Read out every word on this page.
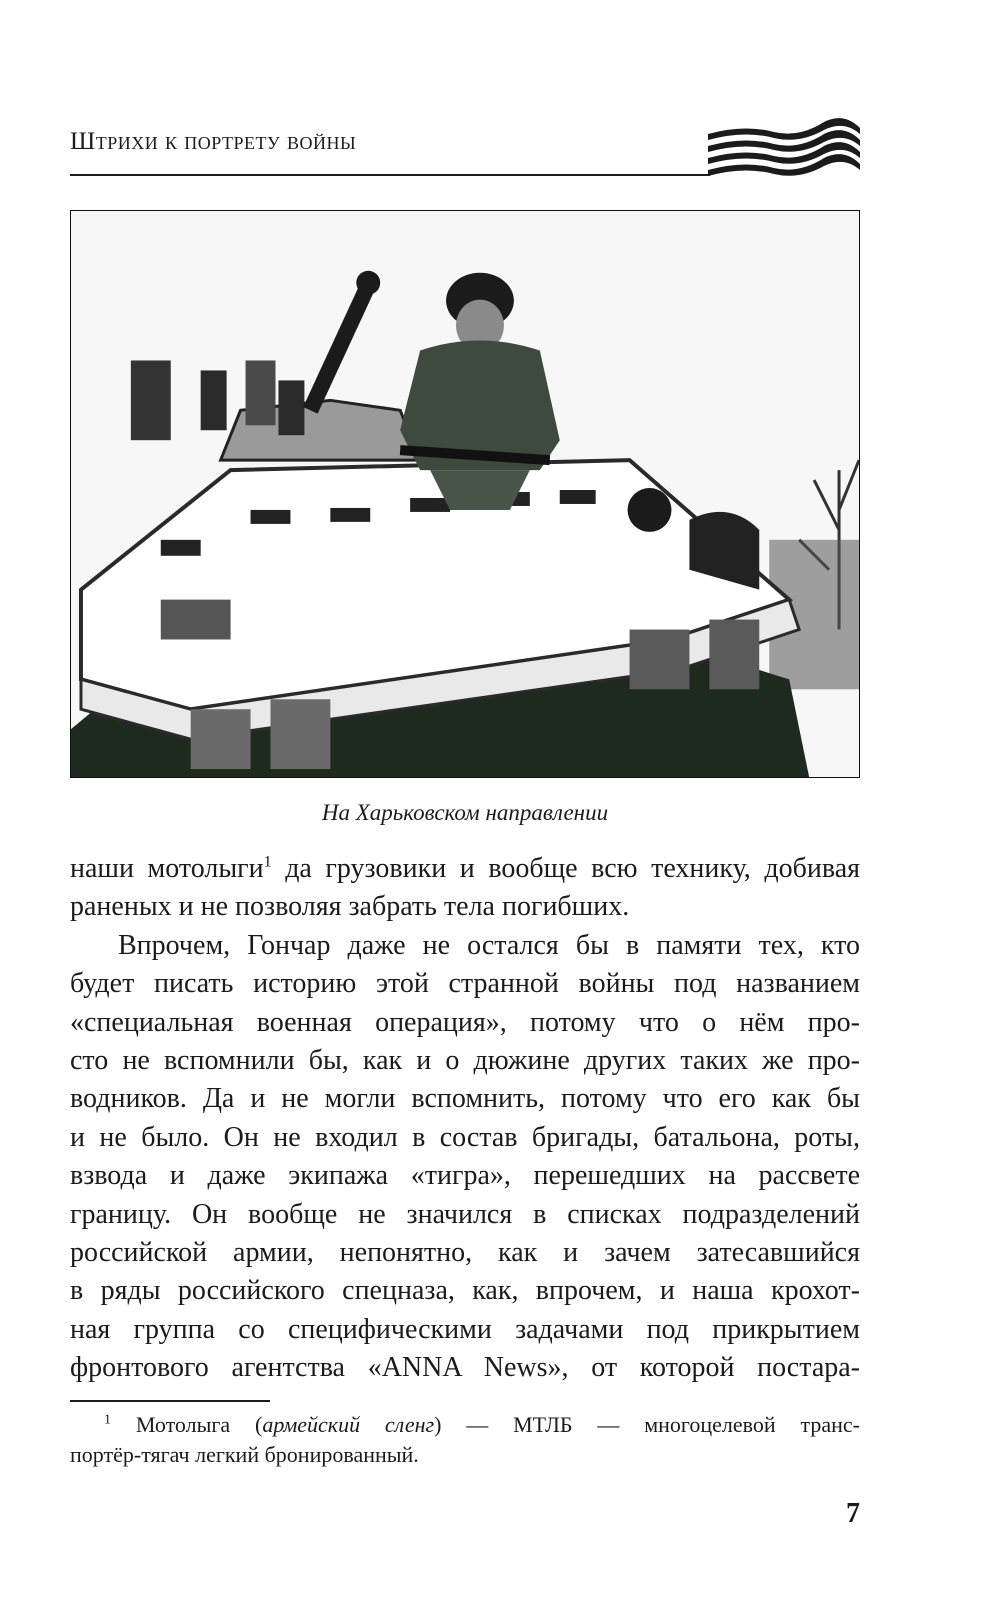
Штрихи к портрету войны
На Харьковском направлении

наши мотолыги$^1$ да грузовики и вообще всю технику, добивая
раненых и не позволяя забрать тела погибших.

Впрочем, Гончар даже не остался бы в памяти тех, кто
будет писать историю этой странной войны под названием
«специальная военная операция», потому что о нём про-
сто не вспомнили бы, как и о дюжине других таких же про-
водников. Да и не могли вспомнить, потому что его как бы
и не было. Он не входил в состав бригады, батальона, роты,
взвода и даже экипажа «тигра», перешедших на рассвете
границу. Он вообще не значился в списках подразделений
российской армии, непонятно, как и зачем затесавшийся
в ряды российского спецназа, как, впрочем, и наша крохот-
ная группа со специфическими задачами под прикрытием
фронтового агентства «ANNA News», от которой постара-

$^1$ Мотолыга (армейский сленг) — МТЛБ — многоцелевой транс-
портёр-тягач легкий бронированный.
7
